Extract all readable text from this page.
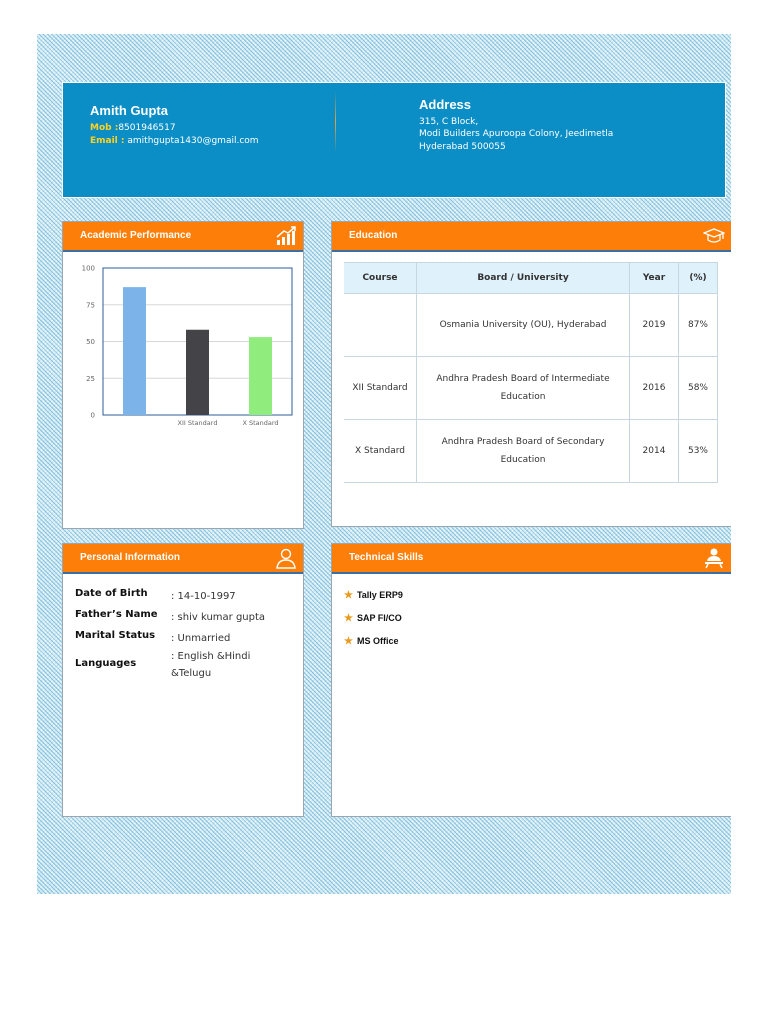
Amith Gupta
Mob :8501946517
Email : amithgupta1430@gmail.com
Address
315, C Block,
Modi Builders Apuroopa Colony, Jeedimetla
Hyderabad 500055
Academic Performance
0
25
50
75
100
XII Standard	X Standard
Education
Course	Board / University	Year	(%)
	Osmania University (OU), Hyderabad	2019	87%
XII Standard	Andhra Pradesh Board of Intermediate Education	2016	58%
X Standard	Andhra Pradesh Board of Secondary Education	2014	53%
Personal Information
Date of Birth : 14-10-1997
Father’s Name : shiv kumar gupta
Marital Status : Unmarried
Languages
: English &Hindi &Telugu
Technical Skills
★ Tally ERP9
★ SAP FI/CO
★ MS Office
